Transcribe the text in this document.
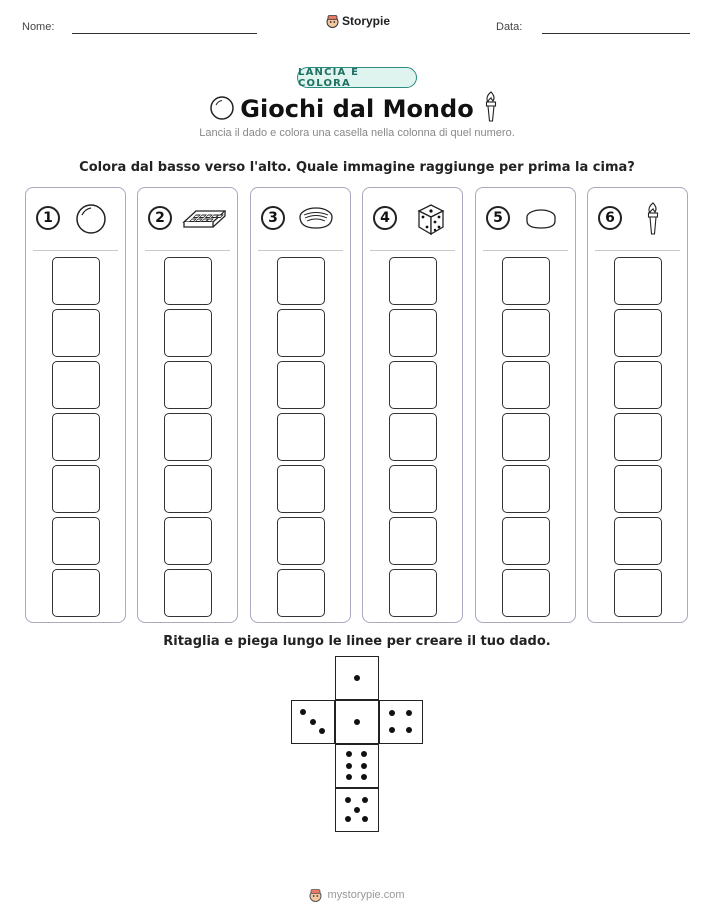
Nome:	Storypie	Data:
LANCIA E COLORA
Giochi dal Mondo
Lancia il dado e colora una casella nella colonna di quel numero.
Colora dal basso verso l'alto. Quale immagine raggiunge per prima la cima?
1	2	3	4	5	6
Ritaglia e piega lungo le linee per creare il tuo dado.
mystorypie.com
